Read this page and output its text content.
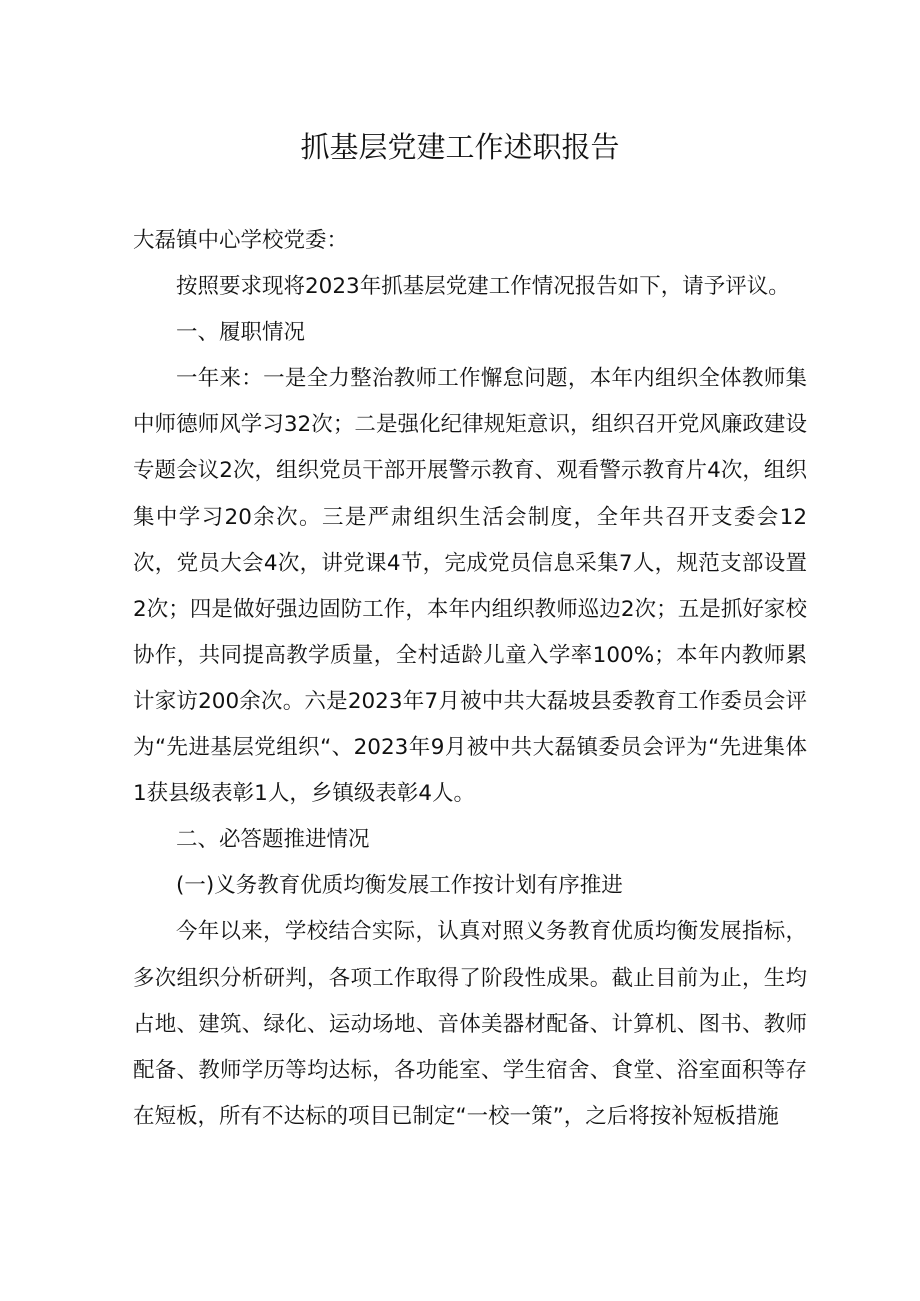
抓基层党建工作述职报告

大磊镇中心学校党委：

按照要求现将2023年抓基层党建工作情况报告如下，请予评议。

一、履职情况

一年来：一是全力整治教师工作懈怠问题，本年内组织全体教师集中师德师风学习32次；二是强化纪律规矩意识，组织召开党风廉政建设专题会议2次，组织党员干部开展警示教育、观看警示教育片4次，组织集中学习20余次。三是严肃组织生活会制度，全年共召开支委会12次，党员大会4次，讲党课4节，完成党员信息采集7人，规范支部设置2次；四是做好强边固防工作，本年内组织教师巡边2次；五是抓好家校协作，共同提高教学质量，全村适龄儿童入学率100%；本年内教师累计家访200余次。六是2023年7月被中共大磊坡县委教育工作委员会评为“先进基层党组织“、2023年9月被中共大磊镇委员会评为“先进集体1获县级表彰1人，乡镇级表彰4人。

二、必答题推进情况

(一)义务教育优质均衡发展工作按计划有序推进

今年以来，学校结合实际，认真对照义务教育优质均衡发展指标，多次组织分析研判，各项工作取得了阶段性成果。截止目前为止，生均占地、建筑、绿化、运动场地、音体美器材配备、计算机、图书、教师配备、教师学历等均达标，各功能室、学生宿舍、食堂、浴室面积等存在短板，所有不达标的项目已制定“一校一策”，之后将按补短板措施
